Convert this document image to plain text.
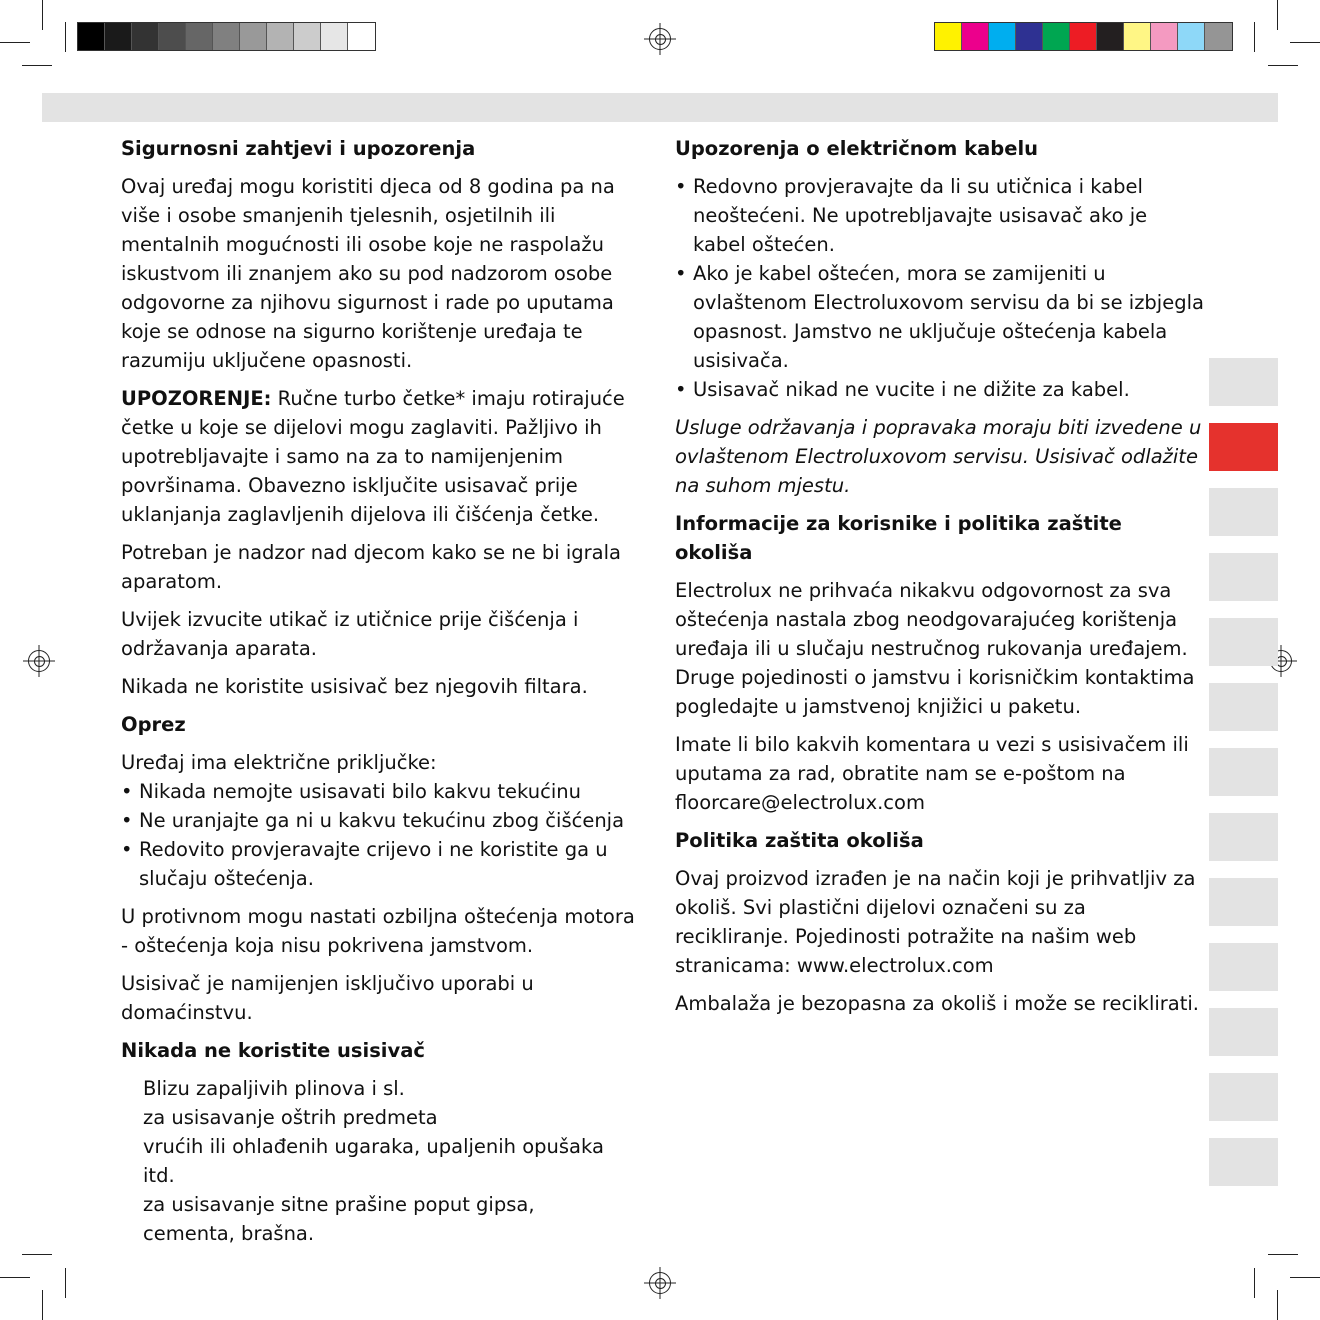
Sigurnosni zahtjevi i upozorenja

Ovaj uređaj mogu koristiti djeca od 8 godina pa na više i osobe smanjenih tjelesnih, osjetilnih ili mentalnih mogućnosti ili osobe koje ne raspolažu iskustvom ili znanjem ako su pod nadzorom osobe odgovorne za njihovu sigurnost i rade po uputama koje se odnose na sigurno korištenje uređaja te razumiju uključene opasnosti.

UPOZORENJE: Ručne turbo četke* imaju rotirajuće četke u koje se dijelovi mogu zaglaviti. Pažljivo ih upotrebljavajte i samo na za to namijenjenim površinama. Obavezno isključite usisavač prije uklanjanja zaglavljenih dijelova ili čišćenja četke.

Potreban je nadzor nad djecom kako se ne bi igrala aparatom.

Uvijek izvucite utikač iz utičnice prije čišćenja i održavanja aparata.

Nikada ne koristite usisivač bez njegovih filtara.

Oprez

Uređaj ima električne priključke:

• Nikada nemojte usisavati bilo kakvu tekućinu
• Ne uranjajte ga ni u kakvu tekućinu zbog čišćenja
• Redovito provjeravajte crijevo i ne koristite ga u slučaju oštećenja.

U protivnom mogu nastati ozbiljna oštećenja motora - oštećenja koja nisu pokrivena jamstvom.

Usisivač je namijenjen isključivo uporabi u domaćinstvu.

Nikada ne koristite usisivač

Blizu zapaljivih plinova i sl.
za usisavanje oštrih predmeta
vrućih ili ohlađenih ugaraka, upaljenih opušaka itd.
za usisavanje sitne prašine poput gipsa,
cementa, brašna.

Upozorenja o električnom kabelu

• Redovno provjeravajte da li su utičnica i kabel neoštećeni. Ne upotrebljavajte usisavač ako je kabel oštećen.
• Ako je kabel oštećen, mora se zamijeniti u ovlaštenom Electroluxovom servisu da bi se izbjegla opasnost. Jamstvo ne uključuje oštećenja kabela usisivača.
• Usisavač nikad ne vucite i ne dižite za kabel.

Usluge održavanja i popravaka moraju biti izvedene u ovlaštenom Electroluxovom servisu. Usisivač odlažite na suhom mjestu.

Informacije za korisnike i politika zaštite okoliša

Electrolux ne prihvaća nikakvu odgovornost za sva oštećenja nastala zbog neodgovarajućeg korištenja uređaja ili u slučaju nestručnog rukovanja uređajem. Druge pojedinosti o jamstvu i korisničkim kontaktima pogledajte u jamstvenoj knjižici u paketu.

Imate li bilo kakvih komentara u vezi s usisivačem ili uputama za rad, obratite nam se e-poštom na floorcare@electrolux.com

Politika zaštita okoliša

Ovaj proizvod izrađen je na način koji je prihvatljiv za okoliš. Svi plastični dijelovi označeni su za recikliranje. Pojedinosti potražite na našim web stranicama: www.electrolux.com

Ambalaža je bezopasna za okoliš i može se reciklirati.
